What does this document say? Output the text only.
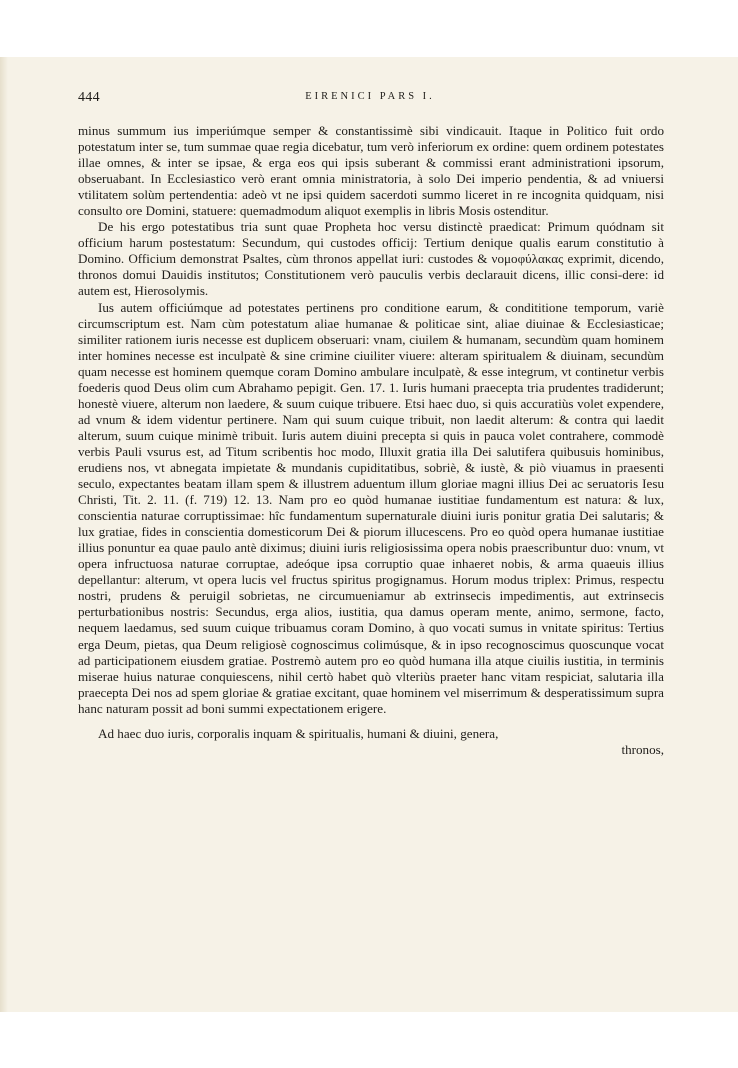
444	EIRENICI PARS I.

minus summum ius imperiúmque semper & constantissimè sibi vindicauit. Itaque in Politico fuit ordo potestatum inter se, tum summae quae regia dicebatur, tum verò inferiorum ex ordine: quem ordinem potestates illae omnes, & inter se ipsae, & erga eos qui ipsis suberant & commissi erant administrationi ipsorum, obseruabant. In Ecclesiastico verò erant omnia ministratoria, à solo Dei imperio pendentia, & ad vniuersi vtilitatem solùm pertendentia: adeò vt ne ipsi quidem sacerdoti summo liceret in re incognita quidquam, nisi consulto ore Domini, statuere: quemadmodum aliquot exemplis in libris Mosis ostenditur.

De his ergo potestatibus tria sunt quae Propheta hoc versu distinctè praedicat: Primum quódnam sit officium harum postestatum: Secundum, qui custodes officij: Tertium denique qualis earum constitutio à Domino. Officium demonstrat Psaltes, cùm thronos appellat iuri: custodes & νομοφύλακας exprimit, dicendo, thronos domui Dauidis institutos; Constitutionem verò pauculis verbis declarauit dicens, illic consi-dere: id autem est, Hierosolymis.

Ius autem officiúmque ad potestates pertinens pro conditione earum, & condititione temporum, variè circumscriptum est. Nam cùm potestatum aliae humanae & politicae sint, aliae diuinae & Ecclesiasticae; similiter rationem iuris necesse est duplicem obseruari: vnam, ciuilem & humanam, secundùm quam hominem inter homines necesse est inculpatè & sine crimine ciuiliter viuere: alteram spiritualem & diuinam, secundùm quam necesse est hominem quemque coram Domino ambulare inculpatè, & esse integrum, vt continetur verbis foederis quod Deus olim cum Abrahamo pepigit. Gen. 17. 1. Iuris humani praecepta tria prudentes tradiderunt; honestè viuere, alterum non laedere, & suum cuique tribuere. Etsi haec duo, si quis accuratiùs volet expendere, ad vnum & idem videntur pertinere. Nam qui suum cuique tribuit, non laedit alterum: & contra qui laedit alterum, suum cuique minimè tribuit. Iuris autem diuini precepta si quis in pauca volet contrahere, commodè verbis Pauli vsurus est, ad Titum scribentis hoc modo, Illuxit gratia illa Dei salutifera quibusuis hominibus, erudiens nos, vt abnegata impietate & mundanis cupiditatibus, sobriè, & iustè, & piò viuamus in praesenti seculo, expectantes beatam illam spem & illustrem aduentum illum gloriae magni illius Dei ac seruatoris Iesu Christi, Tit. 2. 11. (f. 719) 12. 13. Nam pro eo quòd humanae iustitiae fundamentum est natura: & lux, conscientia naturae corruptissimae: hîc fundamentum supernaturale diuini iuris ponitur gratia Dei salutaris; & lux gratiae, fides in conscientia domesticorum Dei & piorum illucescens. Pro eo quòd opera humanae iustitiae illius ponuntur ea quae paulo antè diximus; diuini iuris religiosissima opera nobis praescribuntur duo: vnum, vt opera infructuosa naturae corruptae, adeóque ipsa corruptio quae inhaeret nobis, & arma quaeuis illius depellantur: alterum, vt opera lucis vel fructus spiritus progignamus. Horum modus triplex: Primus, respectu nostri, prudens & peruigil sobrietas, ne circumueniamur ab extrinsecis impedimentis, aut extrinsecis perturbationibus nostris: Secundus, erga alios, iustitia, qua damus operam mente, animo, sermone, facto, nequem laedamus, sed suum cuique tribuamus coram Domino, à quo vocati sumus in vnitate spiritus: Tertius erga Deum, pietas, qua Deum religiosè cognoscimus colimúsque, & in ipso recognoscimus quoscunque vocat ad participationem eiusdem gratiae. Postremò autem pro eo quòd humana illa atque ciuilis iustitia, in terminis miserae huius naturae conquiescens, nihil certò habet quò vlteriùs praeter hanc vitam respiciat, salutaria illa praecepta Dei nos ad spem gloriae & gratiae excitant, quae hominem vel miserrimum & desperatissimum supra hanc naturam possit ad boni summi expectationem erigere.

Ad haec duo iuris, corporalis inquam & spiritualis, humani & diuini, genera,

thronos,
